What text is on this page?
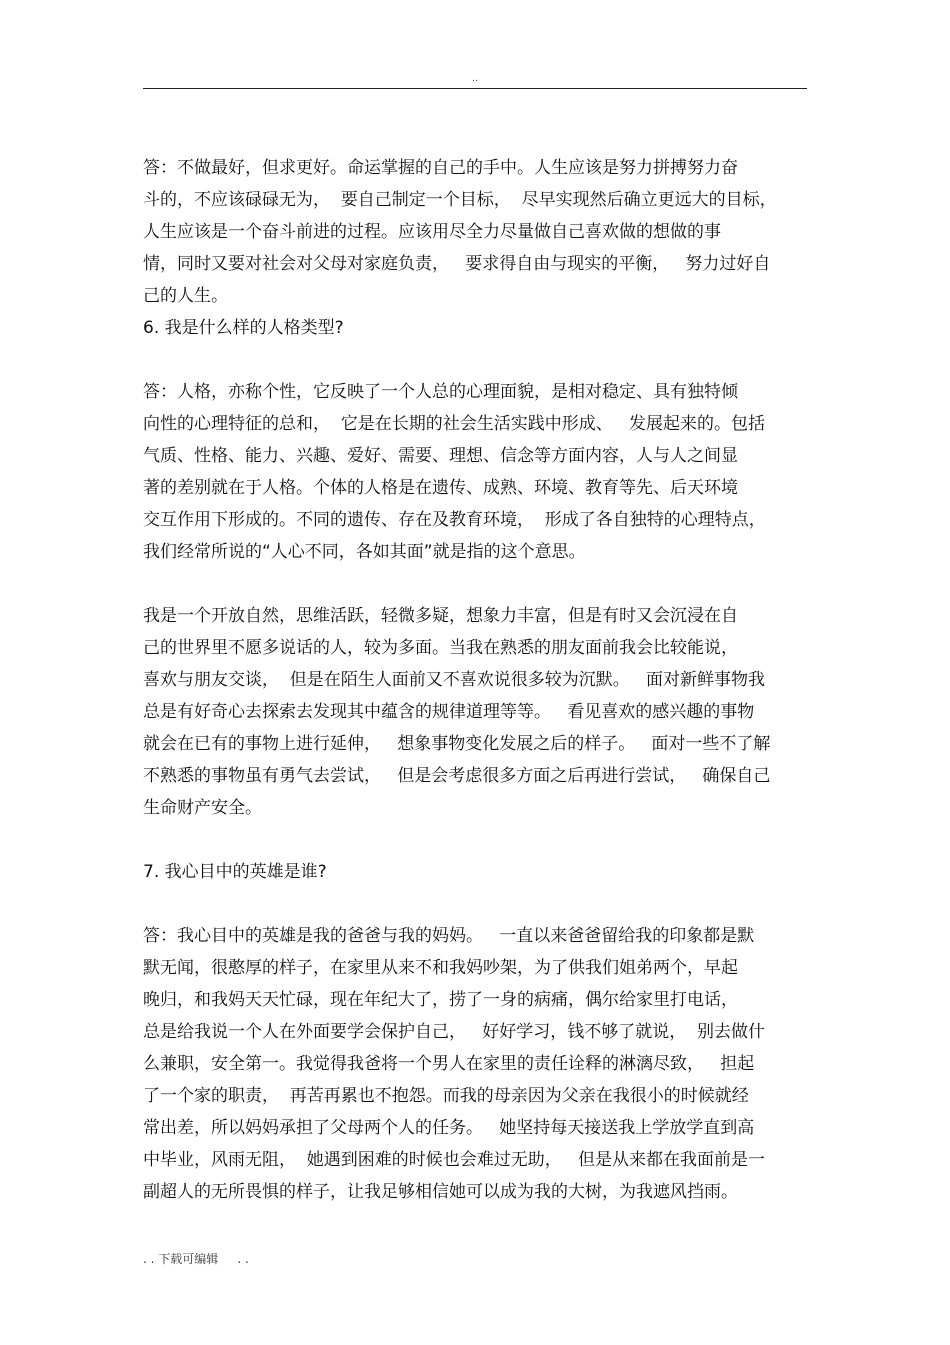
..
答：不做最好，但求更好。命运掌握的自己的手中。人生应该是努力拼搏努力奋
斗的，不应该碌碌无为，  要自己制定一个目标，  尽早实现然后确立更远大的目标，
人生应该是一个奋斗前进的过程。应该用尽全力尽量做自己喜欢做的想做的事
情，同时又要对社会对父母对家庭负责，   要求得自由与现实的平衡，   努力过好自
己的人生。
6. 我是什么样的人格类型?
答：人格，亦称个性，它反映了一个人总的心理面貌，是相对稳定、具有独特倾
向性的心理特征的总和，  它是在长期的社会生活实践中形成、   发展起来的。包括
气质、性格、能力、兴趣、爱好、需要、理想、信念等方面内容，人与人之间显
著的差别就在于人格。个体的人格是在遗传、成熟、环境、教育等先、后天环境
交互作用下形成的。不同的遗传、存在及教育环境，  形成了各自独特的心理特点，
我们经常所说的“人心不同，各如其面”就是指的这个意思。
我是一个开放自然，思维活跃，轻微多疑，想象力丰富，但是有时又会沉浸在自
己的世界里不愿多说话的人，较为多面。当我在熟悉的朋友面前我会比较能说，
喜欢与朋友交谈，  但是在陌生人面前又不喜欢说很多较为沉默。   面对新鲜事物我
总是有好奇心去探索去发现其中蕴含的规律道理等等。   看见喜欢的感兴趣的事物
就会在已有的事物上进行延伸，   想象事物变化发展之后的样子。   面对一些不了解
不熟悉的事物虽有勇气去尝试，   但是会考虑很多方面之后再进行尝试，   确保自己
生命财产安全。
7. 我心目中的英雄是谁?
答：我心目中的英雄是我的爸爸与我的妈妈。   一直以来爸爸留给我的印象都是默
默无闻，很憨厚的样子，在家里从来不和我妈吵架，为了供我们姐弟两个，早起
晚归，和我妈天天忙碌，现在年纪大了，捞了一身的病痛，偶尔给家里打电话，
总是给我说一个人在外面要学会保护自己，   好好学习，钱不够了就说，  别去做什
么兼职，安全第一。我觉得我爸将一个男人在家里的责任诠释的淋漓尽致，   担起
了一个家的职责，  再苦再累也不抱怨。而我的母亲因为父亲在我很小的时候就经
常出差，所以妈妈承担了父母两个人的任务。   她坚持每天接送我上学放学直到高
中毕业，风雨无阻，  她遇到困难的时候也会难过无助，   但是从来都在我面前是一
副超人的无所畏惧的样子，让我足够相信她可以成为我的大树，为我遮风挡雨。
. . 下载可编辑     . .
